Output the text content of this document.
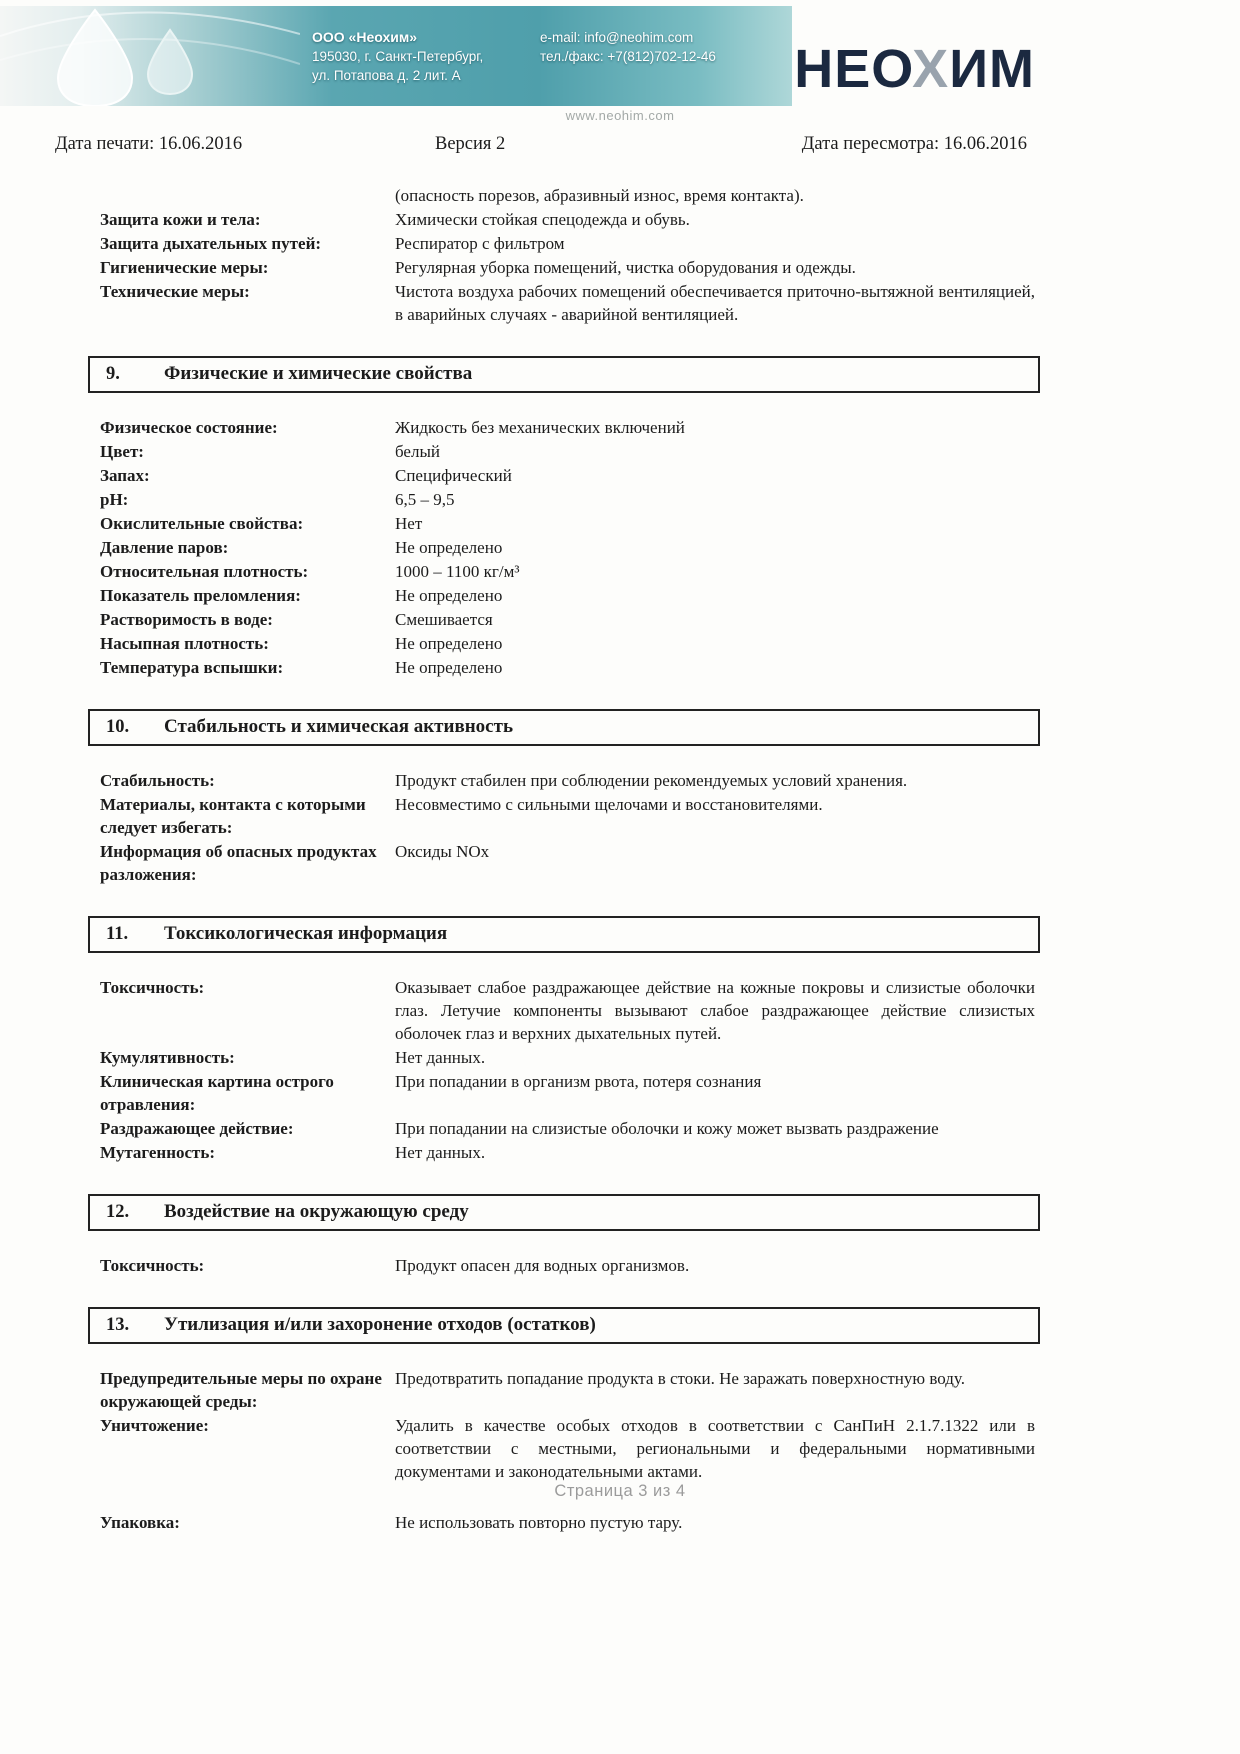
ООО «Неохим»
195030, г. Санкт-Петербург,
ул. Потапова д. 2 лит. А
e-mail: info@neohim.com
тел./факс: +7(812)702-12-46 НЕОХИМ
www.neohim.com
Дата печати: 16.06.2016	Версия 2	Дата пересмотра: 16.06.2016
(опасность порезов, абразивный износ, время контакта).
Защита кожи и тела:	Химически стойкая спецодежда и обувь.
Защита дыхательных путей:	Респиратор с фильтром
Гигиенические меры:	Регулярная уборка помещений, чистка оборудования и одежды.
Технические меры:	Чистота воздуха рабочих помещений обеспечивается приточно-вытяжной вентиляцией, в аварийных случаях - аварийной вентиляцией.
9.	Физические и химические свойства
Физическое состояние:	Жидкость без механических включений
Цвет:	белый
Запах:	Специфический
pH:	6,5 – 9,5
Окислительные свойства:	Нет
Давление паров:	Не определено
Относительная плотность:	1000 – 1100 кг/м³
Показатель преломления:	Не определено
Растворимость в воде:	Смешивается
Насыпная плотность:	Не определено
Температура вспышки:	Не определено
10.	Стабильность и химическая активность
Стабильность:	Продукт стабилен при соблюдении рекомендуемых условий хранения.
Материалы, контакта с которыми следует избегать:
Несовместимо с сильными щелочами и восстановителями.
Информация об опасных продуктах разложения:
Оксиды NOx
11.	Токсикологическая информация
Токсичность:	Оказывает слабое раздражающее действие на кожные покровы и слизистые оболочки глаз. Летучие компоненты вызывают слабое раздражающее действие слизистых оболочек глаз и верхних дыхательных путей.
Кумулятивность:	Нет данных.
Клиническая картина острого отравления:
При попадании в организм рвота, потеря сознания
Раздражающее действие:	При попадании на слизистые оболочки и кожу может вызвать раздражение
Мутагенность:	Нет данных.
12.	Воздействие на окружающую среду
Токсичность:	Продукт опасен для водных организмов.
13.	Утилизация и/или захоронение отходов (остатков)
Предупредительные меры по охране окружающей среды:
Предотвратить попадание продукта в стоки. Не заражать поверхностную воду.
Уничтожение:	Удалить в качестве особых отходов в соответствии с СанПиН 2.1.7.1322 или в соответствии с местными, региональными и федеральными нормативными документами и законодательными актами.
Упаковка:	Не использовать повторно пустую тару.
Страница 3 из 4
